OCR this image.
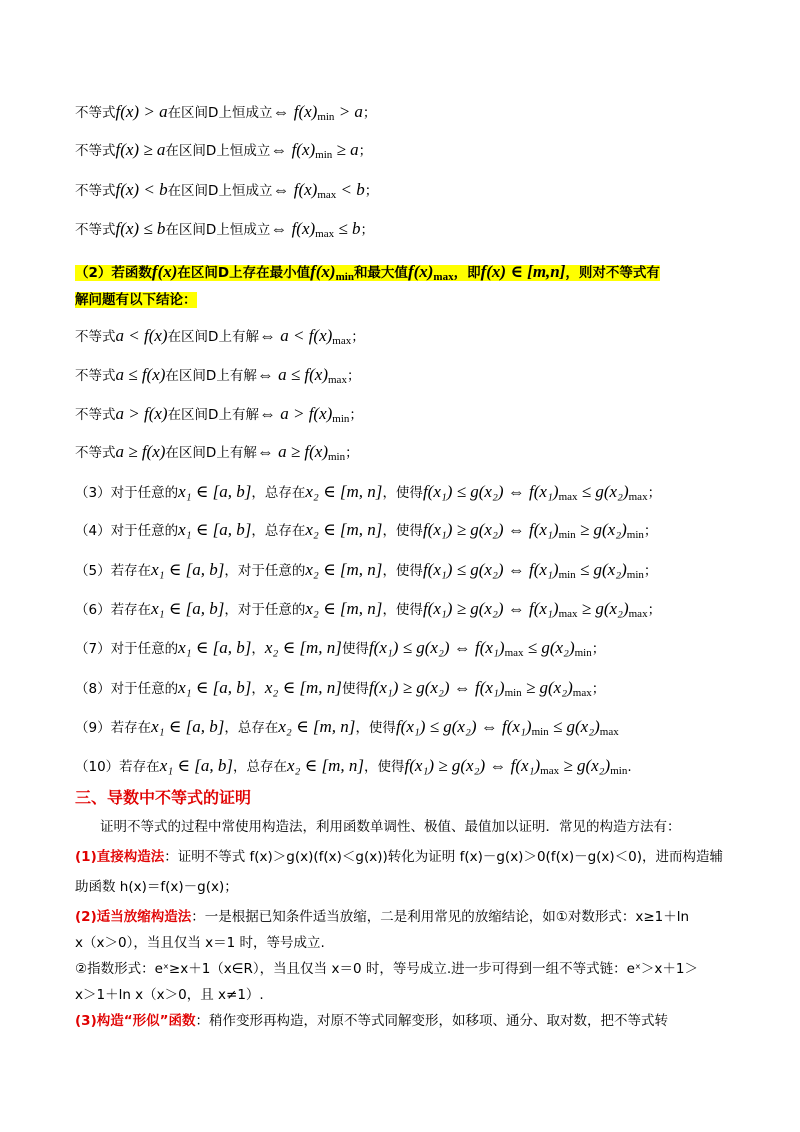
不等式f(x) > a在区间D上恒成立⇔ $f(x)_{min} > a$；
不等式f(x) ≥ a在区间D上恒成立⇔ $f(x)_{min} \ge a$；
不等式f(x) < b在区间D上恒成立⇔ $f(x)_{max} < b$；
不等式f(x) ≤ b在区间D上恒成立⇔ $f(x)_{max} \le b$；
（2）若函数f(x)在区间D上存在最小值$f(x)_{min}$和最大值$f(x)_{max}$，即f(x) ∈ [m,n]，则对不等式有
解问题有以下结论：
不等式a < f(x)在区间D上有解⇔ $a < f(x)_{max}$；
不等式a ≤ f(x)在区间D上有解⇔ $a \le f(x)_{max}$；
不等式a > f(x)在区间D上有解⇔ $a > f(x)_{min}$；
不等式a ≥ f(x)在区间D上有解⇔ $a \ge f(x)_{min}$；
（3）对于任意的x₁ ∈ [a, b]，总存在x₂ ∈ [m, n]，使得f(x₁) ≤ g(x₂) ⇔ $f(x_1)_{max} \le g(x_2)_{max}$；
（4）对于任意的x₁ ∈ [a, b]，总存在x₂ ∈ [m, n]，使得f(x₁) ≥ g(x₂) ⇔ $f(x_1)_{min} \ge g(x_2)_{min}$；
（5）若存在x₁ ∈ [a, b]，对于任意的x₂ ∈ [m, n]，使得f(x₁) ≤ g(x₂) ⇔ $f(x_1)_{min} \le g(x_2)_{min}$；
（6）若存在x₁ ∈ [a, b]，对于任意的x₂ ∈ [m, n]，使得f(x₁) ≥ g(x₂) ⇔ $f(x_1)_{max} \ge g(x_2)_{max}$；
（7）对于任意的x₁ ∈ [a, b]，x₂ ∈ [m, n]使得f(x₁) ≤ g(x₂) ⇔ $f(x_1)_{max} \le g(x_2)_{min}$；
（8）对于任意的x₁ ∈ [a, b]，x₂ ∈ [m, n]使得f(x₁) ≥ g(x₂) ⇔ $f(x_1)_{min} \ge g(x_2)_{max}$；
（9）若存在x₁ ∈ [a, b]，总存在x₂ ∈ [m, n]，使得f(x₁) ≤ g(x₂) ⇔ $f(x_1)_{min} \le g(x_2)_{max}$
（10）若存在x₁ ∈ [a, b]，总存在x₂ ∈ [m, n]，使得f(x₁) ≥ g(x₂) ⇔ $f(x_1)_{max} \ge g(x_2)_{min}$.
三、导数中不等式的证明
证明不等式的过程中常使用构造法，利用函数单调性、极值、最值加以证明．常见的构造方法有：
(1)直接构造法：证明不等式 f(x)＞g(x)(f(x)＜g(x))转化为证明 f(x)－g(x)＞0(f(x)－g(x)＜0)，进而构造辅
助函数 h(x)＝f(x)－g(x)；
(2)适当放缩构造法：一是根据已知条件适当放缩，二是利用常见的放缩结论，如①对数形式：x≥1＋ln
x（x＞0），当且仅当 x＝1 时，等号成立.
②指数形式：eˣ≥x＋1（x∈R），当且仅当 x＝0 时，等号成立.进一步可得到一组不等式链：eˣ＞x＋1＞
x＞1＋ln x（x＞0，且 x≠1）.
(3)构造“形似”函数：稍作变形再构造，对原不等式同解变形，如移项、通分、取对数，把不等式转
